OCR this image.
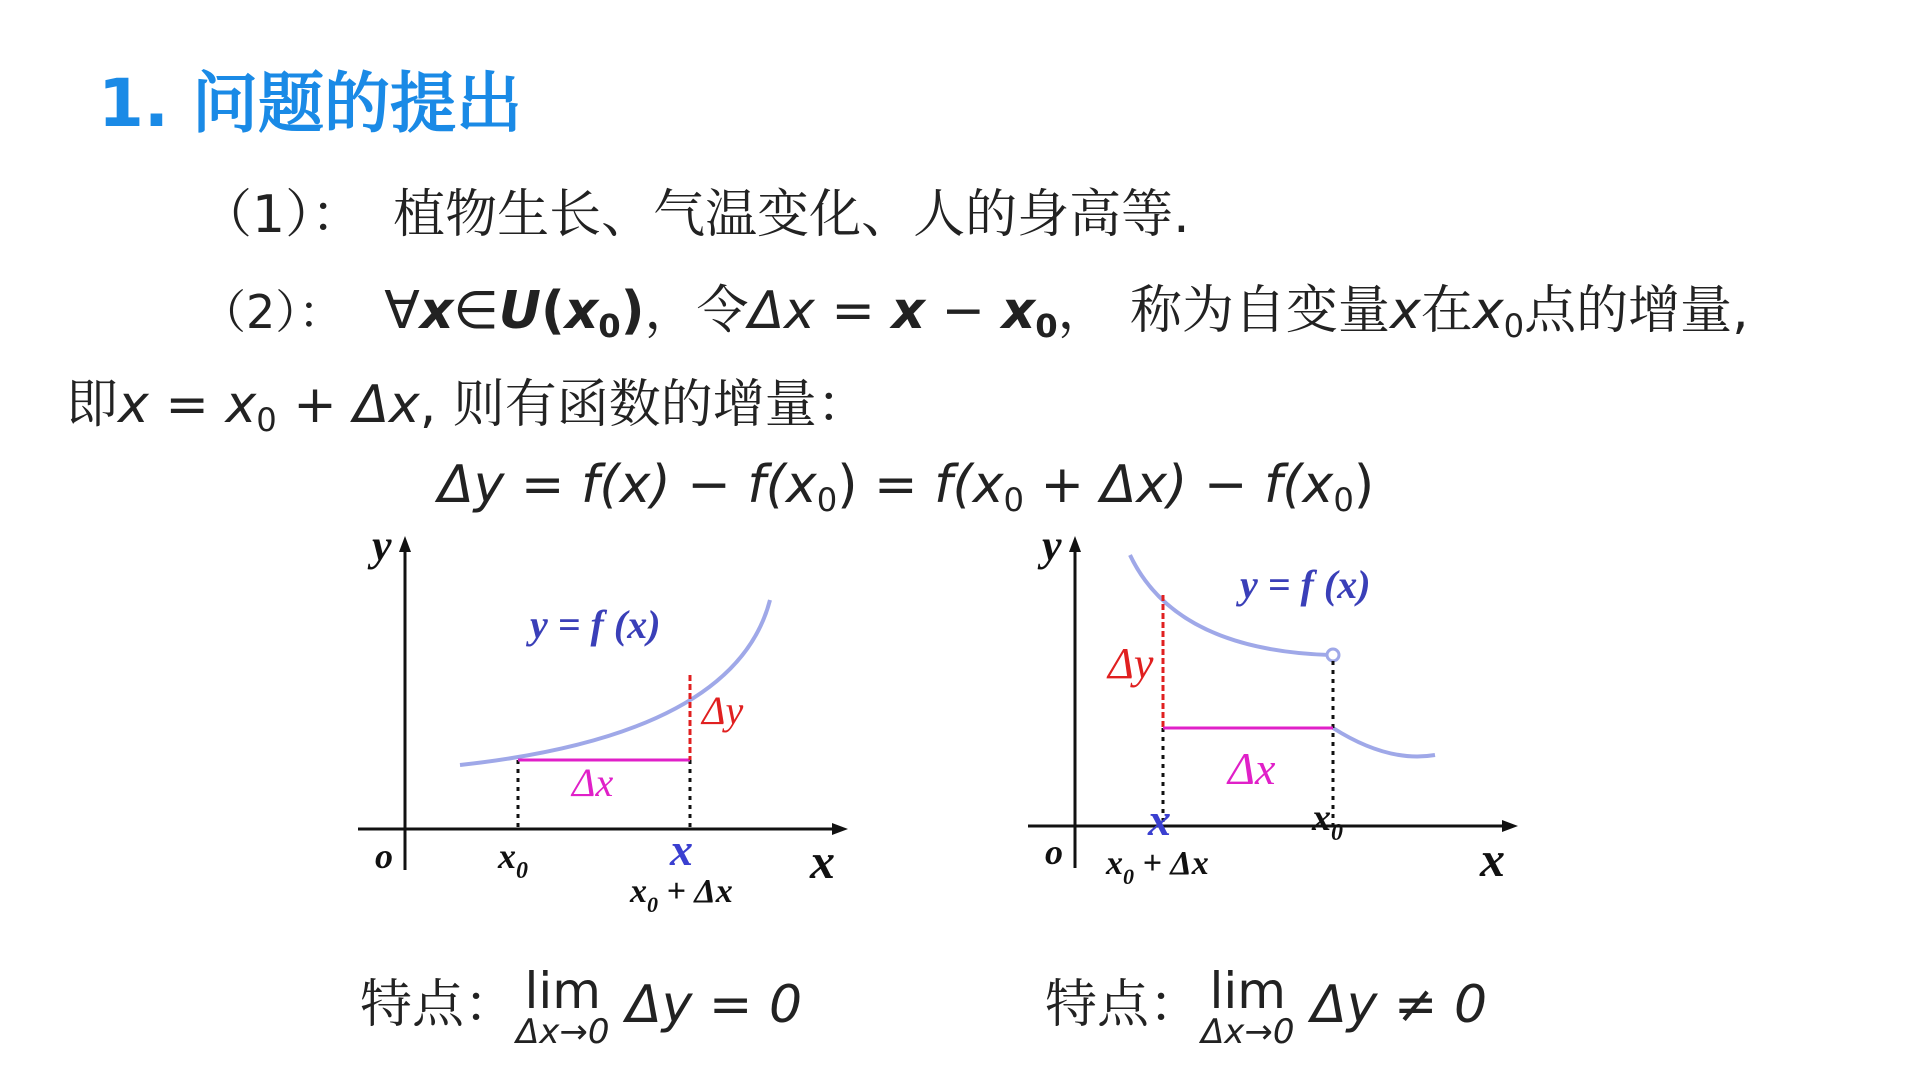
1. 问题的提出
（1）： 植物生长、气温变化、人的身高等.
（2）： $\forall x\in U(x_0)$，令$\Delta x = x - x_0$， 称为自变量x在$x_0$点的增量,
即$x = x_0 + \Delta x$, 则有函数的增量：
$\Delta y = f(x) - f(x_0) = f(x_0 + \Delta x) - f(x_0)$
y
x
o
y = f (x)
Δy
Δx
$x_0$	x
$x_0 + \Delta x$
y
x
o
y = f (x)
Δy
Δx
$x_0$
x
$x_0 + \Delta x$
特点： lim
Δx→0 Δy = 0	特点： lim
Δx→0 Δy ≠ 0
